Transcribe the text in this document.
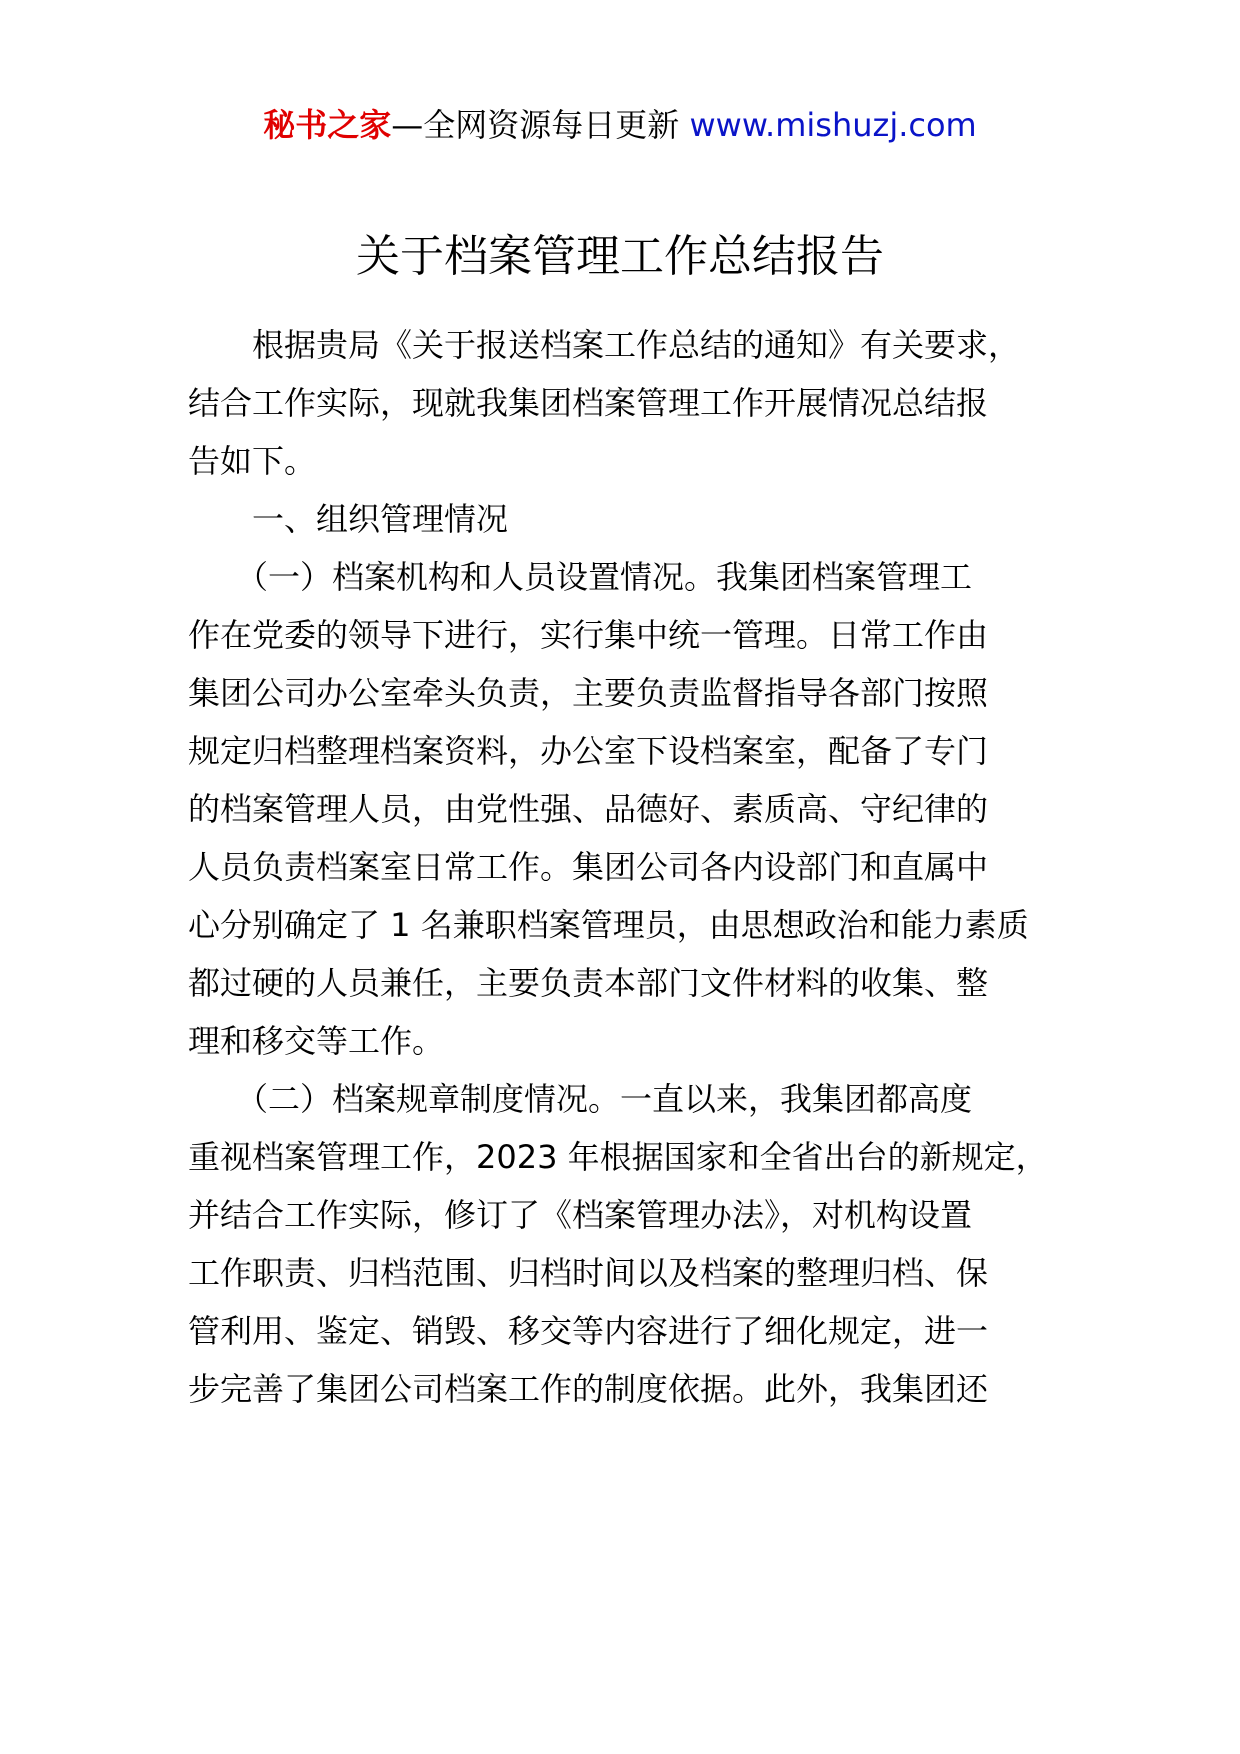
秘书之家—全网资源每日更新 www.mishuzj.com
关于档案管理工作总结报告
　　根据贵局《关于报送档案工作总结的通知》有关要求，
结合工作实际，现就我集团档案管理工作开展情况总结报
告如下。
　　一、组织管理情况
　　（一）档案机构和人员设置情况。我集团档案管理工
作在党委的领导下进行，实行集中统一管理。日常工作由
集团公司办公室牵头负责，主要负责监督指导各部门按照
规定归档整理档案资料，办公室下设档案室，配备了专门
的档案管理人员，由党性强、品德好、素质高、守纪律的
人员负责档案室日常工作。集团公司各内设部门和直属中
心分别确定了 1 名兼职档案管理员，由思想政治和能力素质
都过硬的人员兼任，主要负责本部门文件材料的收集、整
理和移交等工作。
　　（二）档案规章制度情况。一直以来，我集团都高度
重视档案管理工作，2023 年根据国家和全省出台的新规定，
并结合工作实际，修订了《档案管理办法》，对机构设置
工作职责、归档范围、归档时间以及档案的整理归档、保
管利用、鉴定、销毁、移交等内容进行了细化规定，进一
步完善了集团公司档案工作的制度依据。此外，我集团还
